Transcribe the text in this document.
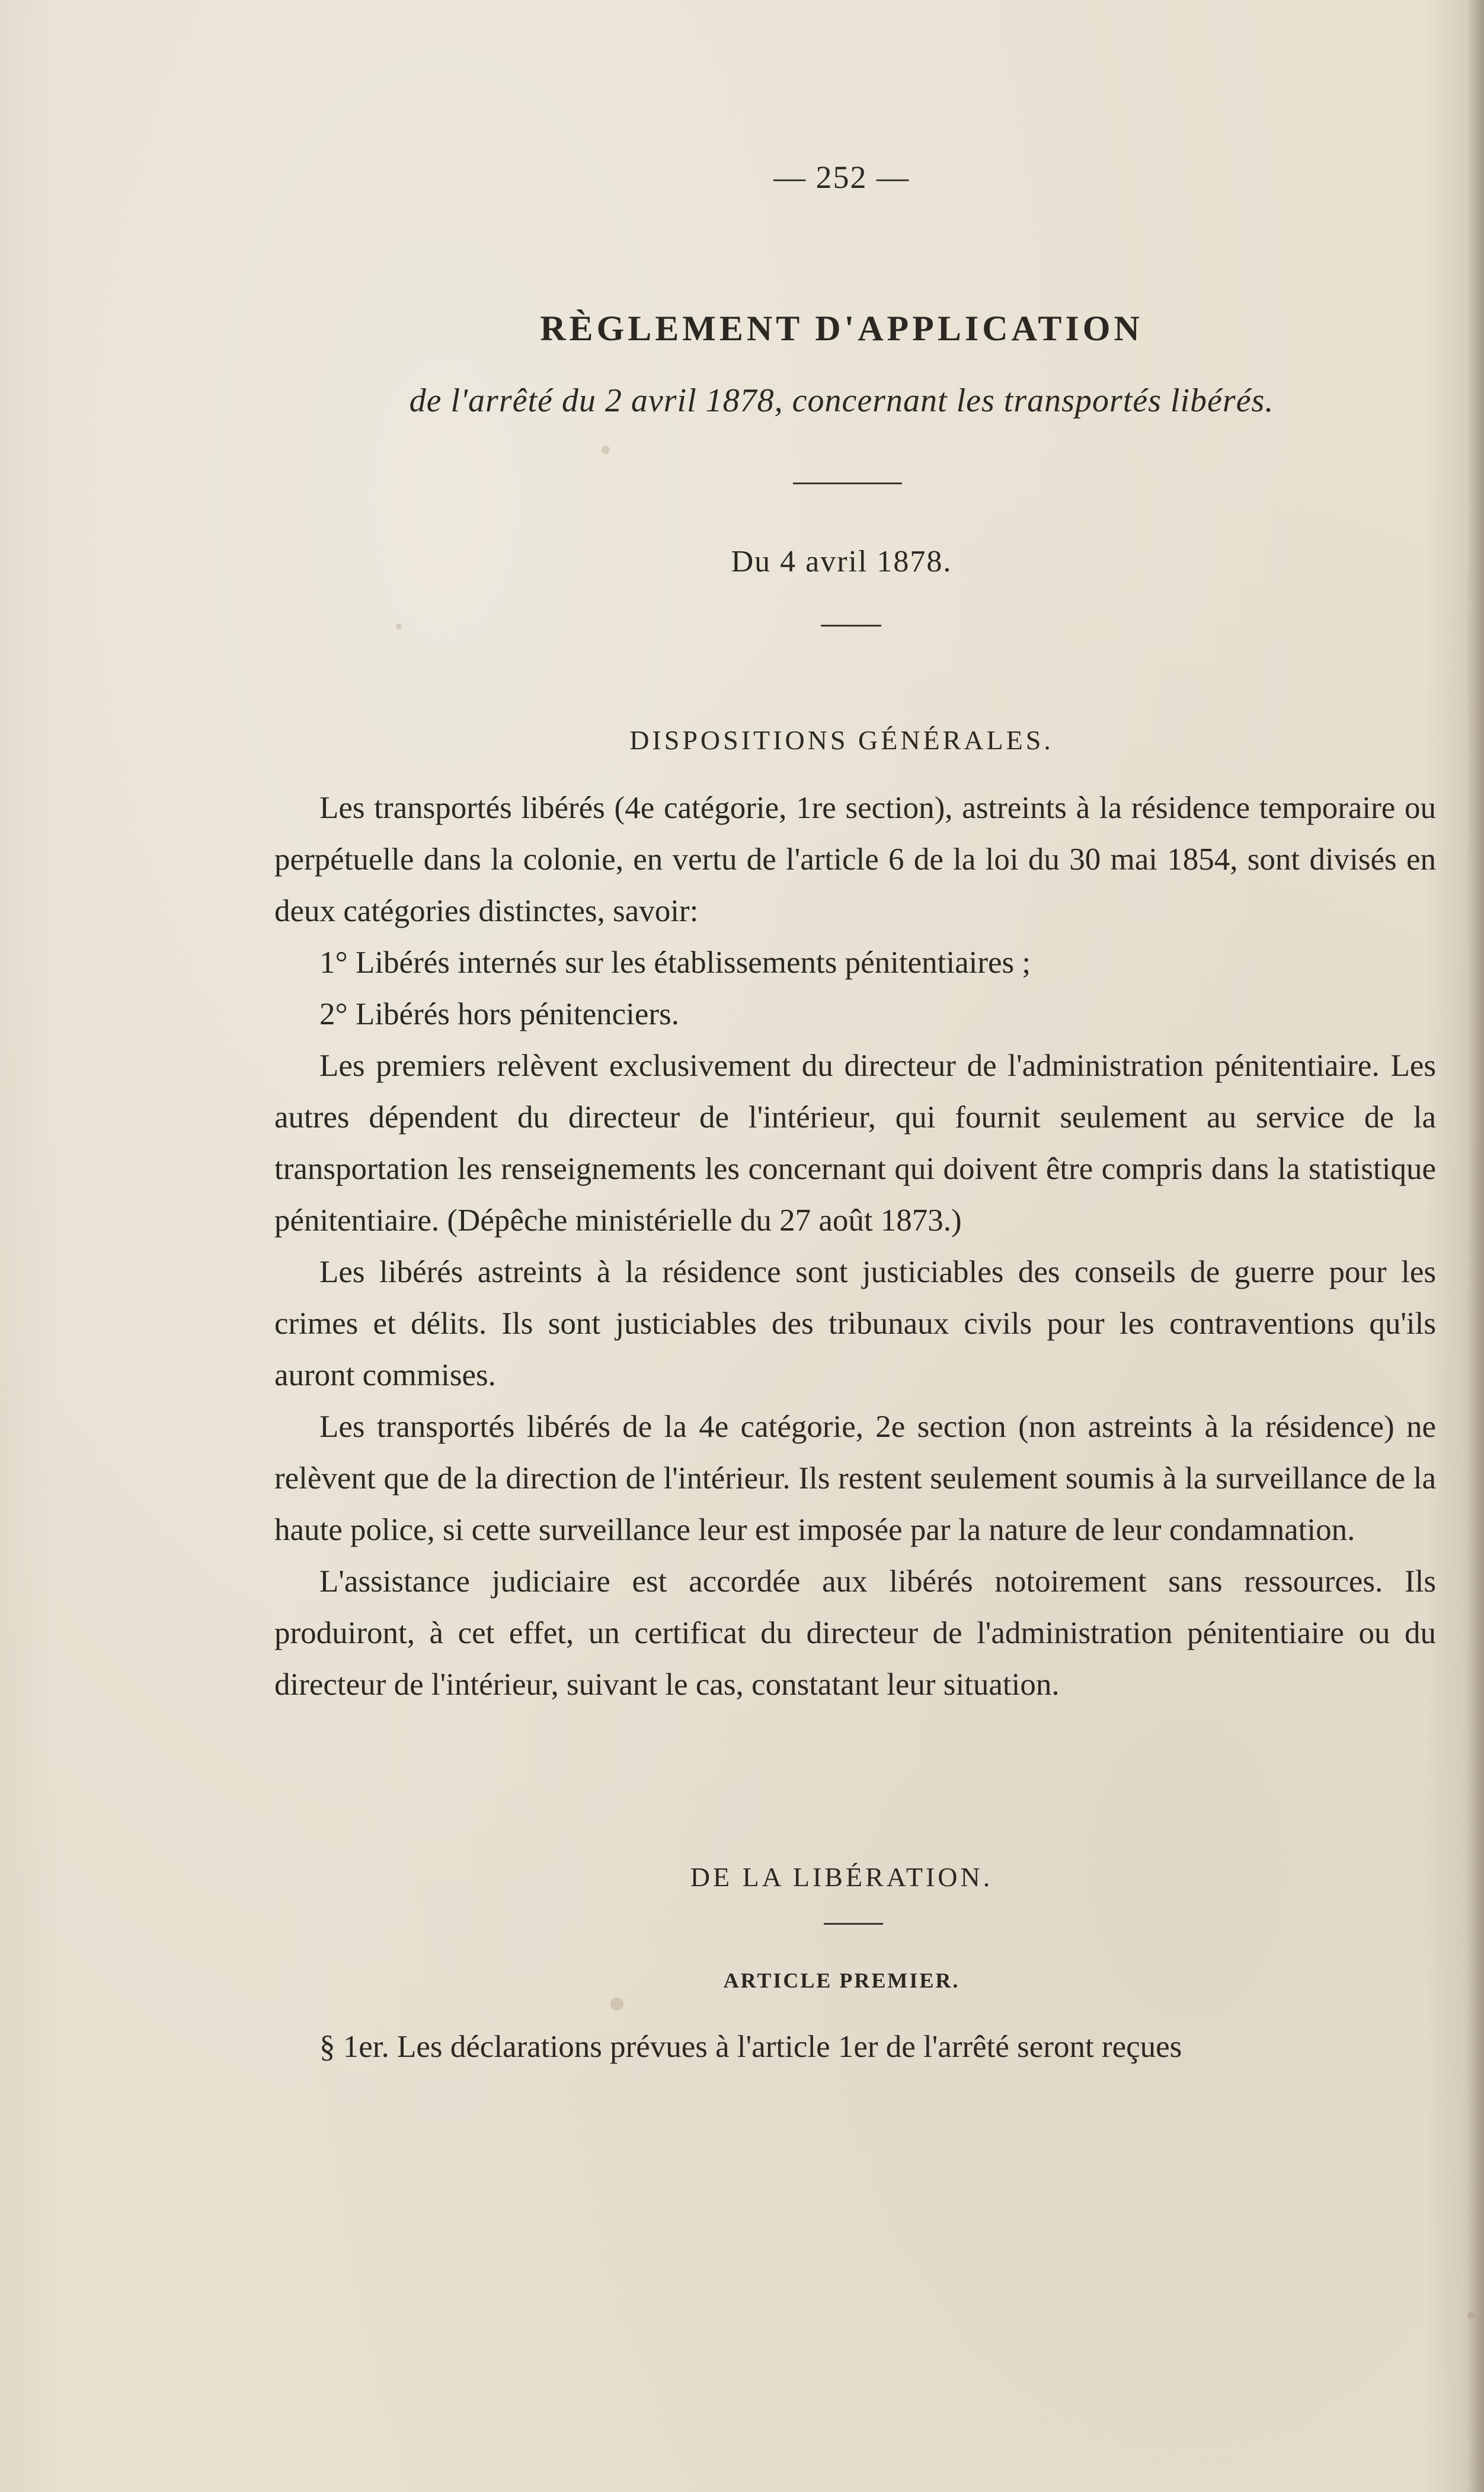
— 252 —
RÈGLEMENT D'APPLICATION
de l'arrêté du 2 avril 1878, concernant les transportés libérés.
Du 4 avril 1878.
DISPOSITIONS GÉNÉRALES.

Les transportés libérés (4e catégorie, 1re section), astreints à la résidence temporaire ou perpétuelle dans la colonie, en vertu de l'article 6 de la loi du 30 mai 1854, sont divisés en deux catégories distinctes, savoir:

1° Libérés internés sur les établissements pénitentiaires ;

2° Libérés hors pénitenciers.

Les premiers relèvent exclusivement du directeur de l'administration pénitentiaire. Les autres dépendent du directeur de l'intérieur, qui fournit seulement au service de la transportation les renseignements les concernant qui doivent être compris dans la statistique pénitentiaire. (Dépêche ministérielle du 27 août 1873.)

Les libérés astreints à la résidence sont justiciables des conseils de guerre pour les crimes et délits. Ils sont justiciables des tribunaux civils pour les contraventions qu'ils auront commises.

Les transportés libérés de la 4e catégorie, 2e section (non astreints à la résidence) ne relèvent que de la direction de l'intérieur. Ils restent seulement soumis à la surveillance de la haute police, si cette surveillance leur est imposée par la nature de leur condamnation.

L'assistance judiciaire est accordée aux libérés notoirement sans ressources. Ils produiront, à cet effet, un certificat du directeur de l'administration pénitentiaire ou du directeur de l'intérieur, suivant le cas, constatant leur situation.

DE LA LIBÉRATION.
ARTICLE PREMIER.

§ 1er. Les déclarations prévues à l'article 1er de l'arrêté seront reçues
